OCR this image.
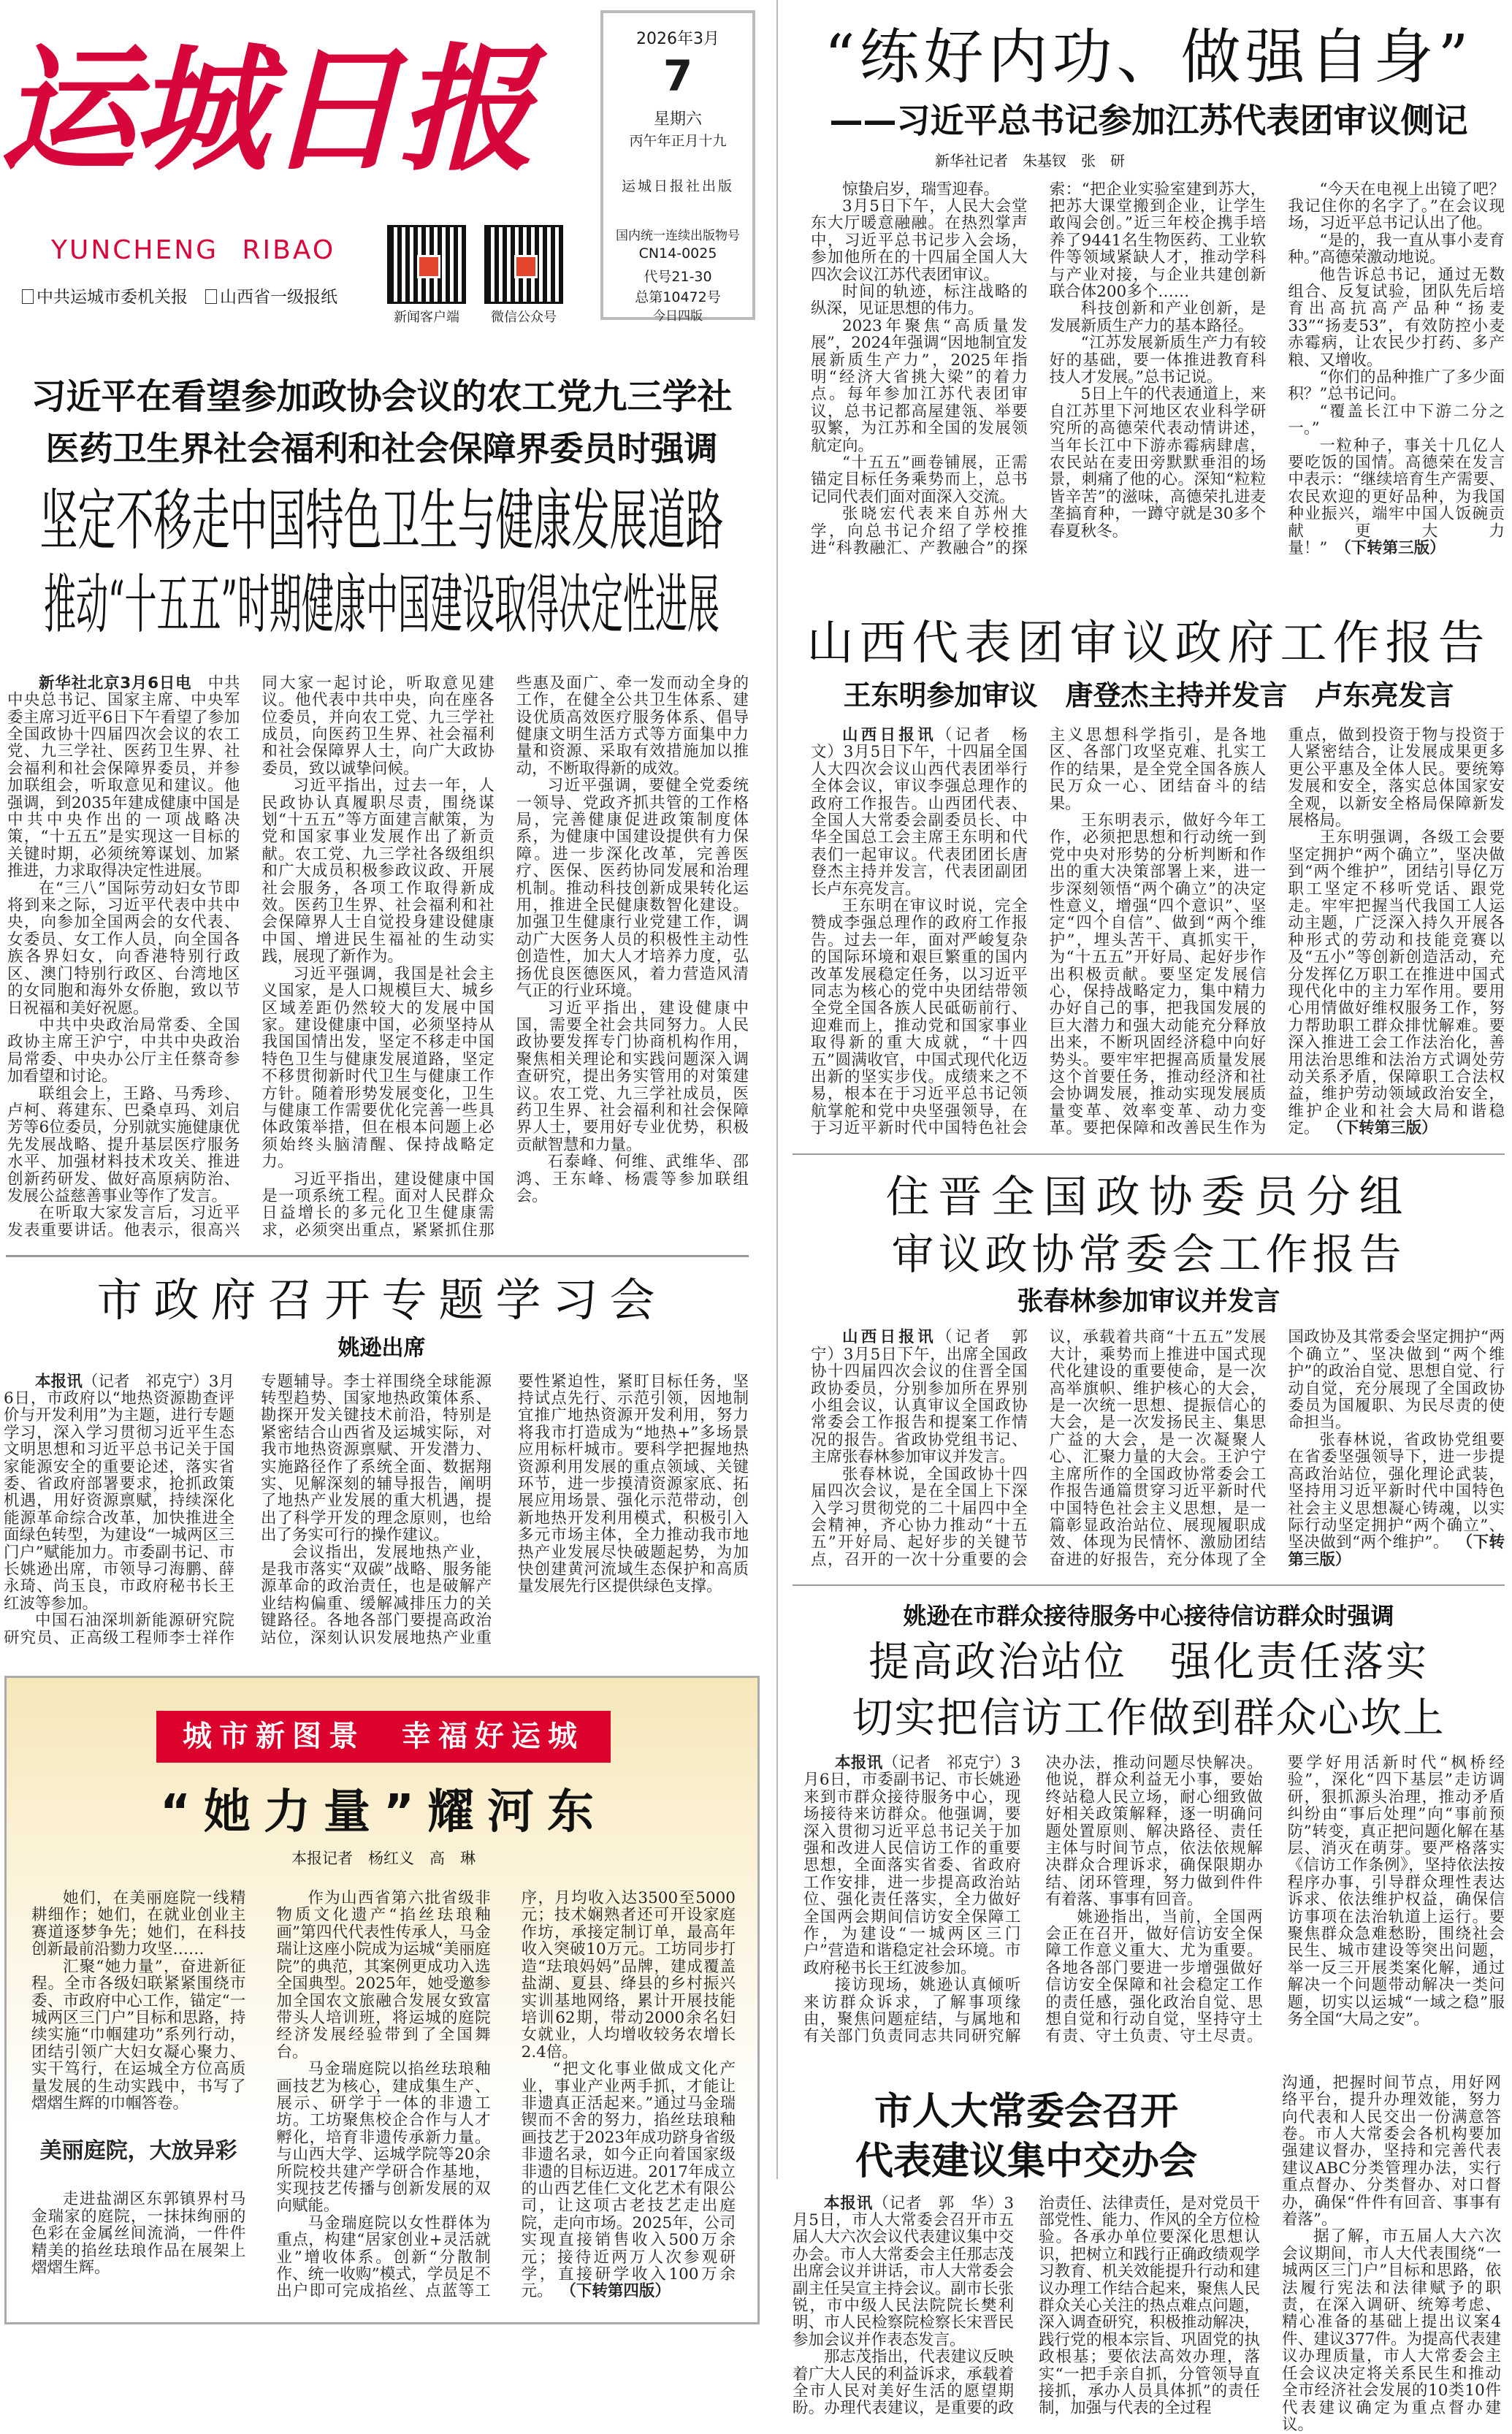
运城日报
YUNCHENG RIBAO
中共运城市委机关报	山西省一级报纸
新闻客户端	微信公众号
2026年3月
7
星期六
丙午年正月十九
运城日报社出版
国内统一连续出版物号
CN14-0025
代号21-30
总第10472号
今日四版
习近平在看望参加政协会议的农工党九三学社
医药卫生界社会福利和社会保障界委员时强调
坚定不移走中国特色卫生与健康发展道路
推动“十五五”时期健康中国建设取得决定性进展

新华社北京3月6日电　中共中央总书记、国家主席、中央军委主席习近平6日下午看望了参加全国政协十四届四次会议的农工党、九三学社、医药卫生界、社会福利和社会保障界委员，并参加联组会，听取意见和建议。他强调，到2035年建成健康中国是中共中央作出的一项战略决策，“十五五”是实现这一目标的关键时期，必须统筹谋划、加紧推进，力求取得决定性进展。

在“三八”国际劳动妇女节即将到来之际，习近平代表中共中央，向参加全国两会的女代表、女委员、女工作人员，向全国各族各界妇女，向香港特别行政区、澳门特别行政区、台湾地区的女同胞和海外女侨胞，致以节日祝福和美好祝愿。

中共中央政治局常委、全国政协主席王沪宁，中共中央政治局常委、中央办公厅主任蔡奇参加看望和讨论。

联组会上，王路、马秀珍、卢柯、蒋建东、巴桑卓玛、刘启芳等6位委员，分别就实施健康优先发展战略、提升基层医疗服务水平、加强材料技术攻关、推进创新药研发、做好高原病防治、发展公益慈善事业等作了发言。

在听取大家发言后，习近平发表重要讲话。他表示，很高兴同大家一起讨论，听取意见建议。他代表中共中央，向在座各位委员，并向农工党、九三学社成员，向医药卫生界、社会福利和社会保障界人士，向广大政协委员，致以诚挚问候。

习近平指出，过去一年，人民政协认真履职尽责，围绕谋划“十五五”等方面建言献策，为党和国家事业发展作出了新贡献。农工党、九三学社各级组织和广大成员积极参政议政、开展社会服务，各项工作取得新成效。医药卫生界、社会福利和社会保障界人士自觉投身建设健康中国、增进民生福祉的生动实践，展现了新作为。

习近平强调，我国是社会主义国家，是人口规模巨大、城乡区域差距仍然较大的发展中国家。建设健康中国，必须坚持从我国国情出发，坚定不移走中国特色卫生与健康发展道路，坚定不移贯彻新时代卫生与健康工作方针。随着形势发展变化，卫生与健康工作需要优化完善一些具体政策举措，但在根本问题上必须始终头脑清醒、保持战略定力。

习近平指出，建设健康中国是一项系统工程。面对人民群众日益增长的多元化卫生健康需求，必须突出重点，紧紧抓住那些惠及面广、牵一发而动全身的工作，在健全公共卫生体系、建设优质高效医疗服务体系、倡导健康文明生活方式等方面集中力量和资源、采取有效措施加以推动，不断取得新的成效。

习近平强调，要健全党委统一领导、党政齐抓共管的工作格局，完善健康促进政策制度体系，为健康中国建设提供有力保障。进一步深化改革，完善医疗、医保、医药协同发展和治理机制。推动科技创新成果转化运用，推进全民健康数智化建设。加强卫生健康行业党建工作，调动广大医务人员的积极性主动性创造性，加大人才培养力度，弘扬优良医德医风，着力营造风清气正的行业环境。

习近平指出，建设健康中国，需要全社会共同努力。人民政协要发挥专门协商机构作用，聚焦相关理论和实践问题深入调查研究，提出务实管用的对策建议。农工党、九三学社成员，医药卫生界、社会福利和社会保障界人士，要用好专业优势，积极贡献智慧和力量。

石泰峰、何维、武维华、邵鸿、王东峰、杨震等参加联组会。

市政府召开专题学习会
姚逊出席

本报讯（记者　祁克宁）3月6日，市政府以“地热资源勘查评价与开发利用”为主题，进行专题学习，深入学习贯彻习近平生态文明思想和习近平总书记关于国家能源安全的重要论述，落实省委、省政府部署要求，抢抓政策机遇，用好资源禀赋，持续深化能源革命综合改革，加快推进全面绿色转型，为建设“一城两区三门户”赋能加力。市委副书记、市长姚逊出席，市领导刁海鹏、薛永琦、尚玉良，市政府秘书长王红波等参加。

中国石油深圳新能源研究院研究员、正高级工程师李士祥作专题辅导。李士祥围绕全球能源转型趋势、国家地热政策体系、勘探开发关键技术前沿，特别是紧密结合山西省及运城实际，对我市地热资源禀赋、开发潜力、实施路径作了系统全面、数据翔实、见解深刻的辅导报告，阐明了地热产业发展的重大机遇，提出了科学开发的理念原则，也给出了务实可行的操作建议。

会议指出，发展地热产业，是我市落实“双碳”战略、服务能源革命的政治责任，也是破解产业结构偏重、缓解减排压力的关键路径。各地各部门要提高政治站位，深刻认识发展地热产业重要性紧迫性，紧盯目标任务，坚持试点先行、示范引领，因地制宜推广地热资源开发利用，努力将我市打造成为“地热+”多场景应用标杆城市。要科学把握地热资源利用发展的重点领域、关键环节，进一步摸清资源家底、拓展应用场景、强化示范带动，创新地热开发利用模式，积极引入多元市场主体，全力推动我市地热产业发展尽快破题起势，为加快创建黄河流域生态保护和高质量发展先行区提供绿色支撑。

城市新图景　幸福好运城
“她力量”耀河东
本报记者　杨红义　高　琳

她们，在美丽庭院一线精耕细作；她们，在就业创业主赛道逐梦争先；她们，在科技创新最前沿勠力攻坚……

汇聚“她力量”，奋进新征程。全市各级妇联紧紧围绕市委、市政府中心工作，锚定“一城两区三门户”目标和思路，持续实施“巾帼建功”系列行动，团结引领广大妇女凝心聚力、实干笃行，在运城全方位高质量发展的生动实践中，书写了熠熠生辉的巾帼答卷。

美丽庭院，大放异彩

走进盐湖区东郭镇界村马金瑞家的庭院，一抹抹绚丽的色彩在金属丝间流淌，一件件精美的掐丝珐琅作品在展架上熠熠生辉。

作为山西省第六批省级非物质文化遗产“掐丝珐琅釉画”第四代代表性传承人，马金瑞让这座小院成为运城“美丽庭院”的典范，其案例更成功入选全国典型。2025年，她受邀参加全国农文旅融合发展女致富带头人培训班，将运城的庭院经济发展经验带到了全国舞台。

马金瑞庭院以掐丝珐琅釉画技艺为核心，建成集生产、展示、研学于一体的非遗工坊。工坊聚焦校企合作与人才孵化，培育非遗传承新力量。与山西大学、运城学院等20余所院校共建产学研合作基地，实现技艺传播与创新发展的双向赋能。

马金瑞庭院以女性群体为重点，构建“居家创业+灵活就业”增收体系。创新“分散制作、统一收购”模式，学员足不出户即可完成掐丝、点蓝等工序，月均收入达3500至5000元；技术娴熟者还可开设家庭作坊，承接定制订单，最高年收入突破10万元。工坊同步打造“珐琅妈妈”品牌，建成覆盖盐湖、夏县、绛县的乡村振兴实训基地网络，累计开展技能培训62期，带动2000余名妇女就业，人均增收较务农增长2.4倍。

“把文化事业做成文化产业，事业产业两手抓，才能让非遗真正活起来。”通过马金瑞锲而不舍的努力，掐丝珐琅釉画技艺于2023年成功跻身省级非遗名录，如今正向着国家级非遗的目标迈进。2017年成立的山西艺佳仁文化艺术有限公司，让这项古老技艺走出庭院，走向市场。2025年，公司实现直接销售收入500万余元；接待近两万人次参观研学，直接研学收入100万余元。 （下转第四版）

“练好内功、做强自身”
——习近平总书记参加江苏代表团审议侧记
新华社记者　朱基钗　张　研

惊蛰启岁，瑞雪迎春。

3月5日下午，人民大会堂东大厅暖意融融。在热烈掌声中，习近平总书记步入会场，参加他所在的十四届全国人大四次会议江苏代表团审议。

时间的轨迹，标注战略的纵深，见证思想的伟力。

2023年聚焦“高质量发展”，2024年强调“因地制宜发展新质生产力”，2025年指明“经济大省挑大梁”的着力点。每年参加江苏代表团审议，总书记都高屋建瓴、举要驭繁，为江苏和全国的发展领航定向。

“十五五”画卷铺展，正需锚定目标任务乘势而上，总书记同代表们面对面深入交流。

张晓宏代表来自苏州大学，向总书记介绍了学校推进“科教融汇、产教融合”的探索：“把企业实验室建到苏大，把苏大课堂搬到企业，让学生敢闯会创。”近三年校企携手培养了9441名生物医药、工业软件等领域紧缺人才，推动学科与产业对接，与企业共建创新联合体200多个……

科技创新和产业创新，是发展新质生产力的基本路径。

“江苏发展新质生产力有较好的基础，要一体推进教育科技人才发展。”总书记说。

5日上午的代表通道上，来自江苏里下河地区农业科学研究所的高德荣代表动情讲述，当年长江中下游赤霉病肆虐，农民站在麦田旁默默垂泪的场景，刺痛了他的心。深知“粒粒皆辛苦”的滋味，高德荣扎进麦垄搞育种，一蹲守就是30多个春夏秋冬。

“今天在电视上出镜了吧？我记住你的名字了。”在会议现场，习近平总书记认出了他。

“是的，我一直从事小麦育种。”高德荣激动地说。

他告诉总书记，通过无数组合、反复试验，团队先后培育出高抗高产品种“扬麦33”“扬麦53”，有效防控小麦赤霉病，让农民少打药、多产粮、又增收。

“你们的品种推广了多少面积？”总书记问。

“覆盖长江中下游二分之一。”

一粒种子，事关十几亿人要吃饭的国情。高德荣在发言中表示：“继续培育生产需要、农民欢迎的更好品种，为我国种业振兴，端牢中国人饭碗贡献更大力量！” （下转第三版）

山西代表团审议政府工作报告
王东明参加审议　唐登杰主持并发言　卢东亮发言

山西日报讯（记者　杨　文）3月5日下午，十四届全国人大四次会议山西代表团举行全体会议，审议李强总理作的政府工作报告。山西团代表、全国人大常委会副委员长、中华全国总工会主席王东明和代表们一起审议。代表团团长唐登杰主持并发言，代表团副团长卢东亮发言。

王东明在审议时说，完全赞成李强总理作的政府工作报告。过去一年，面对严峻复杂的国际环境和艰巨繁重的国内改革发展稳定任务，以习近平同志为核心的党中央团结带领全党全国各族人民砥砺前行、迎难而上，推动党和国家事业取得新的重大成就，“十四五”圆满收官，中国式现代化迈出新的坚实步伐。成绩来之不易，根本在于习近平总书记领航掌舵和党中央坚强领导，在于习近平新时代中国特色社会主义思想科学指引，是各地区、各部门攻坚克难、扎实工作的结果，是全党全国各族人民万众一心、团结奋斗的结果。

王东明表示，做好今年工作，必须把思想和行动统一到党中央对形势的分析判断和作出的重大决策部署上来，进一步深刻领悟“两个确立”的决定性意义，增强“四个意识”、坚定“四个自信”、做到“两个维护”，埋头苦干、真抓实干，为“十五五”开好局、起好步作出积极贡献。要坚定发展信心，保持战略定力，集中精力办好自己的事，把我国发展的巨大潜力和强大动能充分释放出来，不断巩固经济稳中向好势头。要牢牢把握高质量发展这个首要任务，推动经济和社会协调发展，推动实现发展质量变革、效率变革、动力变革。要把保障和改善民生作为重点，做到投资于物与投资于人紧密结合，让发展成果更多更公平惠及全体人民。要统筹发展和安全，落实总体国家安全观，以新安全格局保障新发展格局。

王东明强调，各级工会要坚定拥护“两个确立”，坚决做到“两个维护”，团结引导亿万职工坚定不移听党话、跟党走。牢牢把握当代我国工人运动主题，广泛深入持久开展各种形式的劳动和技能竞赛以及“五小”等创新创造活动，充分发挥亿万职工在推进中国式现代化中的主力军作用。要用心用情做好维权服务工作，努力帮助职工群众排忧解难。要深入推进工会工作法治化，善用法治思维和法治方式调处劳动关系矛盾，保障职工合法权益，维护劳动领域政治安全，维护企业和社会大局和谐稳定。 （下转第三版）

住晋全国政协委员分组
审议政协常委会工作报告
张春林参加审议并发言

山西日报讯（记者　郭　宁）3月5日下午，出席全国政协十四届四次会议的住晋全国政协委员，分别参加所在界别小组会议，认真审议全国政协常委会工作报告和提案工作情况的报告。省政协党组书记、主席张春林参加审议并发言。

张春林说，全国政协十四届四次会议，是在全国上下深入学习贯彻党的二十届四中全会精神，齐心协力推动“十五五”开好局、起好步的关键节点，召开的一次十分重要的会议，承载着共商“十五五”发展大计，乘势而上推进中国式现代化建设的重要使命，是一次高举旗帜、维护核心的大会，是一次统一思想、提振信心的大会，是一次发扬民主、集思广益的大会，是一次凝聚人心、汇聚力量的大会。王沪宁主席所作的全国政协常委会工作报告通篇贯穿习近平新时代中国特色社会主义思想，是一篇彰显政治站位、展现履职成效、体现为民情怀、激励团结奋进的好报告，充分体现了全国政协及其常委会坚定拥护“两个确立”、坚决做到“两个维护”的政治自觉、思想自觉、行动自觉，充分展现了全国政协委员为国履职、为民尽责的使命担当。

张春林说，省政协党组要在省委坚强领导下，进一步提高政治站位，强化理论武装，坚持用习近平新时代中国特色社会主义思想凝心铸魂，以实际行动坚定拥护“两个确立”、坚决做到“两个维护”。 （下转第三版）

姚逊在市群众接待服务中心接待信访群众时强调
提高政治站位　强化责任落实
切实把信访工作做到群众心坎上

本报讯（记者　祁克宁）3月6日，市委副书记、市长姚逊来到市群众接待服务中心，现场接待来访群众。他强调，要深入贯彻习近平总书记关于加强和改进人民信访工作的重要思想，全面落实省委、省政府工作安排，进一步提高政治站位、强化责任落实，全力做好全国两会期间信访安全保障工作，为建设“一城两区三门户”营造和谐稳定社会环境。市政府秘书长王红波参加。

接访现场，姚逊认真倾听来访群众诉求，了解事项缘由，聚焦问题症结，与属地和有关部门负责同志共同研究解决办法，推动问题尽快解决。他说，群众利益无小事，要始终站稳人民立场，耐心细致做好相关政策解释，逐一明确问题处置原则、解决路径、责任主体与时间节点，依法依规解决群众合理诉求，确保限期办结、闭环管理，努力做到件件有着落、事事有回音。

姚逊指出，当前，全国两会正在召开，做好信访安全保障工作意义重大、尤为重要。各地各部门要进一步增强做好信访安全保障和社会稳定工作的责任感，强化政治自觉、思想自觉和行动自觉，坚持守土有责、守土负责、守土尽责。要学好用活新时代“枫桥经验”，深化“四下基层”走访调研，狠抓源头治理，推动矛盾纠纷由“事后处理”向“事前预防”转变，真正把问题化解在基层、消灭在萌芽。要严格落实《信访工作条例》，坚持依法按程序办事，引导群众理性表达诉求、依法维护权益，确保信访事项在法治轨道上运行。要聚焦群众急难愁盼，围绕社会民生、城市建设等突出问题，举一反三开展类案化解，通过解决一个问题带动解决一类问题，切实以运城“一域之稳”服务全国“大局之安”。

市人大常委会召开
代表建议集中交办会

本报讯（记者　郭　华）3月5日，市人大常委会召开市五届人大六次会议代表建议集中交办会。市人大常委会主任那志茂出席会议并讲话，市人大常委会副主任吴宣主持会议。副市长张锐，市中级人民法院院长樊利明、市人民检察院检察长宋晋民参加会议并作表态发言。

那志茂指出，代表建议反映着广大人民的利益诉求，承载着全市人民对美好生活的愿望期盼。办理代表建议，是重要的政治责任、法律责任，是对党员干部党性、能力、作风的全方位检验。各承办单位要深化思想认识，把树立和践行正确政绩观学习教育、机关效能提升行动和建议办理工作结合起来，聚焦人民群众关心关注的热点难点问题，深入调查研究，积极推动解决，践行党的根本宗旨、巩固党的执政根基；要依法高效办理，落实“一把手亲自抓，分管领导直接抓，承办人员具体抓”的责任制，加强与代表的全过程

沟通，把握时间节点，用好网络平台，提升办理效能，努力向代表和人民交出一份满意答卷。市人大常委会各机构要加强建议督办，坚持和完善代表建议ABC分类管理办法，实行重点督办、分类督办、对口督办，确保“件件有回音、事事有着落”。

据了解，市五届人大六次会议期间，市人大代表围绕“一城两区三门户”目标和思路，依法履行宪法和法律赋予的职责，在深入调研、统筹考虑、精心准备的基础上提出议案4件、建议377件。为提高代表建议办理质量，市人大常委会主任会议决定将关系民生和推动全市经济社会发展的10类10件代表建议确定为重点督办建议。
